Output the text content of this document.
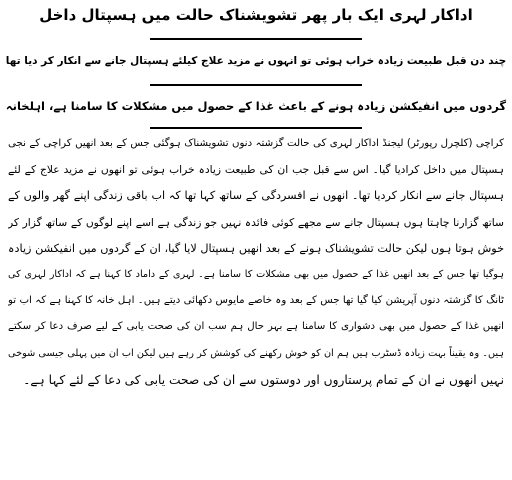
اداکار لہری ایک بار پھر تشویشناک حالت میں ہسپتال داخل
چند دن قبل طبیعت زیادہ خراب ہوئی تو انہوں نے مزید علاج کیلئے ہسپتال جانے سے انکار کر دیا تھا
گردوں میں انفیکشن زیادہ ہونے کے باعث غذا کے حصول میں مشکلات کا سامنا ہے، اہلخانہ
کراچی (کلچرل رپورٹر) لیجنڈ اداکار لہری کی حالت گزشتہ دنوں تشویشناک ہوگئی جس کے بعد انھیں کراچی کے نجی
ہسپتال میں داخل کرادیا گیا۔ اس سے قبل جب ان کی طبیعت زیادہ خراب ہوئی تو انھوں نے مزید علاج کے لئے
ہسپتال جانے سے انکار کردیا تھا۔ انھوں نے افسردگی کے ساتھ کہا تھا کہ اب باقی زندگی اپنے گھر والوں کے
ساتھ گزارنا چاہتا ہوں ہسپتال جانے سے مجھے کوئی فائدہ نہیں جو زندگی ہے اسے اپنے لوگوں کے ساتھ گزار کر
خوش ہوتا ہوں لیکن حالت تشویشناک ہونے کے بعد انھیں ہسپتال لایا گیا، ان کے گردوں میں انفیکشن زیادہ
ہوگیا تھا جس کے بعد انھیں غذا کے حصول میں بھی مشکلات کا سامنا ہے۔ لہری کے داماد کا کہنا ہے کہ اداکار لہری کی
ٹانگ کا گزشتہ دنوں آپریشن کیا گیا تھا جس کے بعد وہ خاصے مایوس دکھائی دیتے ہیں۔ اہل خانہ کا کہنا ہے کہ اب تو
انھیں غذا کے حصول میں بھی دشواری کا سامنا ہے بہر حال ہم سب ان کی صحت یابی کے لیے صرف دعا کر سکتے
ہیں۔ وہ یقیناً بہت زیادہ ڈسٹرب ہیں ہم ان کو خوش رکھنے کی کوشش کر رہے ہیں لیکن اب ان میں پہلی جیسی شوخی
نہیں انھوں نے ان کے تمام پرستاروں اور دوستوں سے ان کی صحت یابی کی دعا کے لئے کہا ہے۔
